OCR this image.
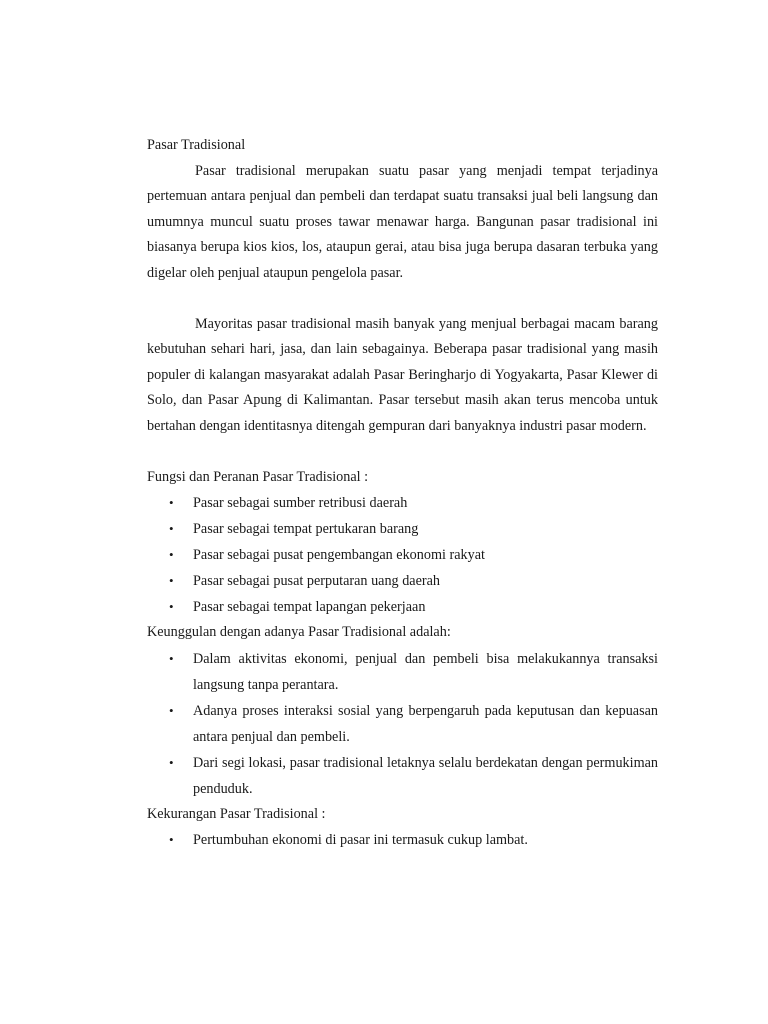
Pasar Tradisional

Pasar tradisional merupakan suatu pasar yang menjadi tempat terjadinya pertemuan antara penjual dan pembeli dan terdapat suatu transaksi jual beli langsung dan umumnya muncul suatu proses tawar menawar harga. Bangunan pasar tradisional ini biasanya berupa kios kios, los, ataupun gerai, atau bisa juga berupa dasaran terbuka yang digelar oleh penjual ataupun pengelola pasar.

Mayoritas pasar tradisional masih banyak yang menjual berbagai macam barang kebutuhan sehari hari, jasa, dan lain sebagainya. Beberapa pasar tradisional yang masih populer di kalangan masyarakat adalah Pasar Beringharjo di Yogyakarta, Pasar Klewer di Solo, dan Pasar Apung di Kalimantan. Pasar tersebut masih akan terus mencoba untuk bertahan dengan identitasnya ditengah gempuran dari banyaknya industri pasar modern.

Fungsi dan Peranan Pasar Tradisional :
• Pasar sebagai sumber retribusi daerah
• Pasar sebagai tempat pertukaran barang
• Pasar sebagai pusat pengembangan ekonomi rakyat
• Pasar sebagai pusat perputaran uang daerah
• Pasar sebagai tempat lapangan pekerjaan
Keunggulan dengan adanya Pasar Tradisional adalah:
• Dalam aktivitas ekonomi, penjual dan pembeli bisa melakukannya transaksi langsung tanpa perantara.
• Adanya proses interaksi sosial yang berpengaruh pada keputusan dan kepuasan antara penjual dan pembeli.
• Dari segi lokasi, pasar tradisional letaknya selalu berdekatan dengan permukiman penduduk.
Kekurangan Pasar Tradisional :
• Pertumbuhan ekonomi di pasar ini termasuk cukup lambat.
